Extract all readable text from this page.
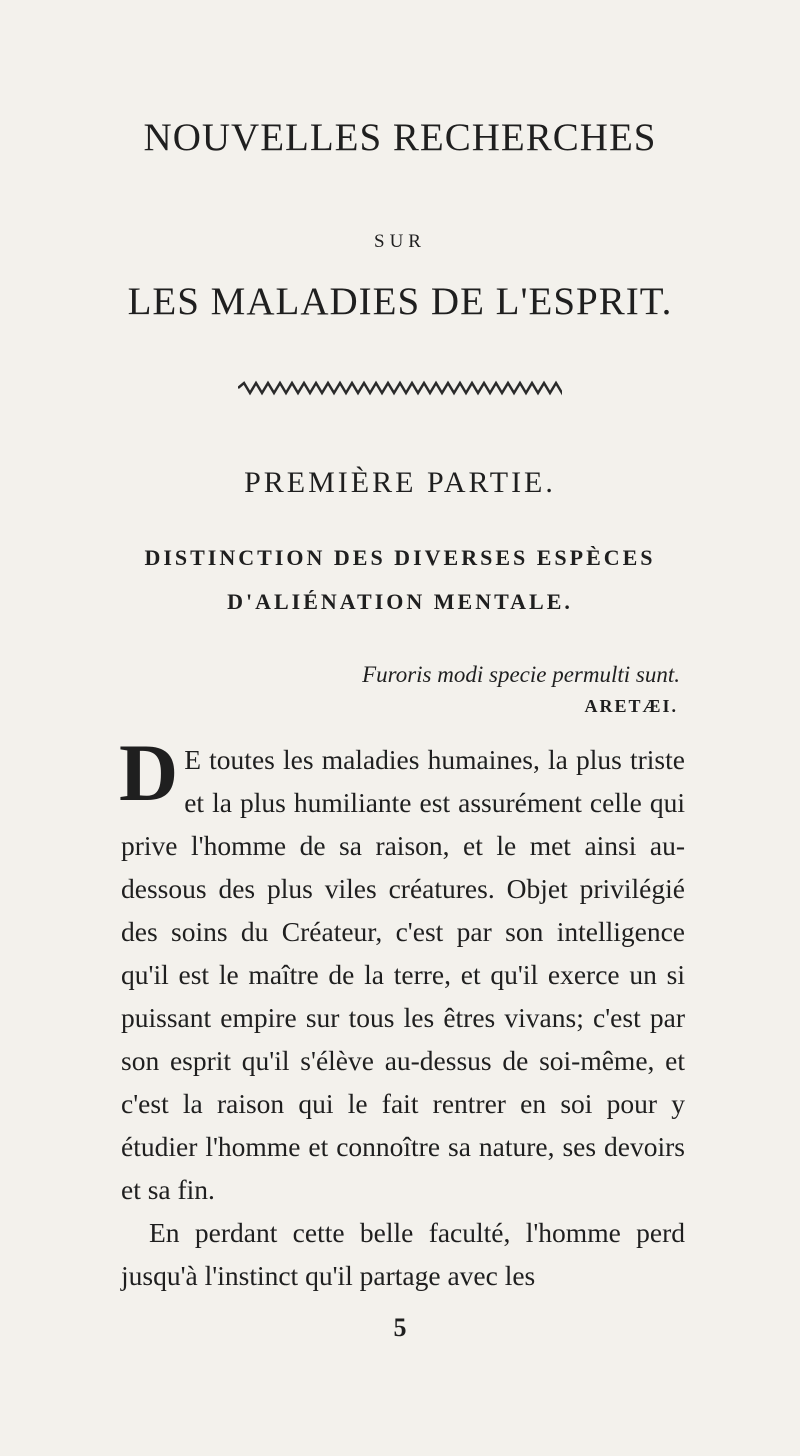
NOUVELLES RECHERCHES
SUR
LES MALADIES DE L'ESPRIT.
PREMIÈRE PARTIE.
DISTINCTION DES DIVERSES ESPÈCES
D'ALIÉNATION MENTALE.
Furoris modi specie permulti sunt.
ARETÆI.

D E toutes les maladies humaines, la plus triste et la plus humiliante est assurément celle qui prive l'homme de sa raison, et le met ainsi au-dessous des plus viles créatures. Objet privilégié des soins du Créateur, c'est par son intelligence qu'il est le maître de la terre, et qu'il exerce un si puissant empire sur tous les êtres vivans; c'est par son esprit qu'il s'élève au-dessus de soi-même, et c'est la raison qui le fait rentrer en soi pour y étudier l'homme et connoître sa nature, ses devoirs et sa fin.

En perdant cette belle faculté, l'homme perd jusqu'à l'instinct qu'il partage avec les

5
